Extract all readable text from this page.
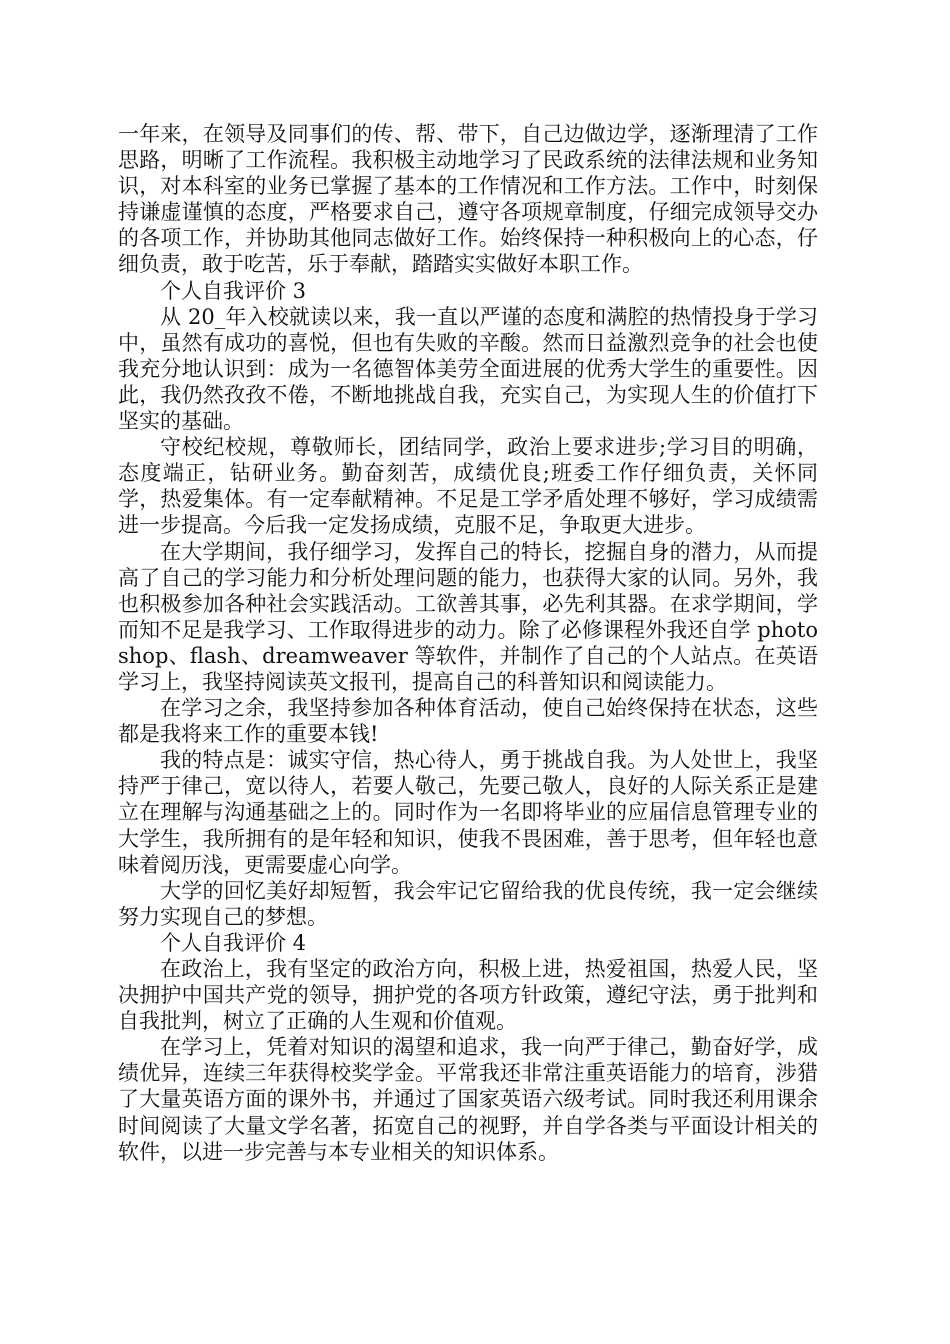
一年来，在领导及同事们的传、帮、带下，自己边做边学，逐渐理清了工作思路，明晰了工作流程。我积极主动地学习了民政系统的法律法规和业务知识，对本科室的业务已掌握了基本的工作情况和工作方法。工作中，时刻保持谦虚谨慎的态度，严格要求自己，遵守各项规章制度，仔细完成领导交办的各项工作，并协助其他同志做好工作。始终保持一种积极向上的心态，仔细负责，敢于吃苦，乐于奉献，踏踏实实做好本职工作。

个人自我评价 3

从 20_年入校就读以来，我一直以严谨的态度和满腔的热情投身于学习中，虽然有成功的喜悦，但也有失败的辛酸。然而日益激烈竞争的社会也使我充分地认识到：成为一名德智体美劳全面进展的优秀大学生的重要性。因此，我仍然孜孜不倦，不断地挑战自我，充实自己，为实现人生的价值打下坚实的基础。

守校纪校规，尊敬师长，团结同学，政治上要求进步;学习目的明确，态度端正，钻研业务。勤奋刻苦，成绩优良;班委工作仔细负责，关怀同学，热爱集体。有一定奉献精神。不足是工学矛盾处理不够好，学习成绩需进一步提高。今后我一定发扬成绩，克服不足，争取更大进步。

在大学期间，我仔细学习，发挥自己的特长，挖掘自身的潜力，从而提高了自己的学习能力和分析处理问题的能力，也获得大家的认同。另外，我也积极参加各种社会实践活动。工欲善其事，必先利其器。在求学期间，学而知不足是我学习、工作取得进步的动力。除了必修课程外我还自学 photoshop、flash、dreamweaver 等软件，并制作了自己的个人站点。在英语学习上，我坚持阅读英文报刊，提高自己的科普知识和阅读能力。

在学习之余，我坚持参加各种体育活动，使自己始终保持在状态，这些都是我将来工作的重要本钱!

我的特点是：诚实守信，热心待人，勇于挑战自我。为人处世上，我坚持严于律己，宽以待人，若要人敬己，先要己敬人，良好的人际关系正是建立在理解与沟通基础之上的。同时作为一名即将毕业的应届信息管理专业的大学生，我所拥有的是年轻和知识，使我不畏困难，善于思考，但年轻也意味着阅历浅，更需要虚心向学。

大学的回忆美好却短暂，我会牢记它留给我的优良传统，我一定会继续努力实现自己的梦想。

个人自我评价 4

在政治上，我有坚定的政治方向，积极上进，热爱祖国，热爱人民，坚决拥护中国共产党的领导，拥护党的各项方针政策，遵纪守法，勇于批判和自我批判，树立了正确的人生观和价值观。

在学习上，凭着对知识的渴望和追求，我一向严于律己，勤奋好学，成绩优异，连续三年获得校奖学金。平常我还非常注重英语能力的培育，涉猎了大量英语方面的课外书，并通过了国家英语六级考试。同时我还利用课余时间阅读了大量文学名著，拓宽自己的视野，并自学各类与平面设计相关的软件，以进一步完善与本专业相关的知识体系。
